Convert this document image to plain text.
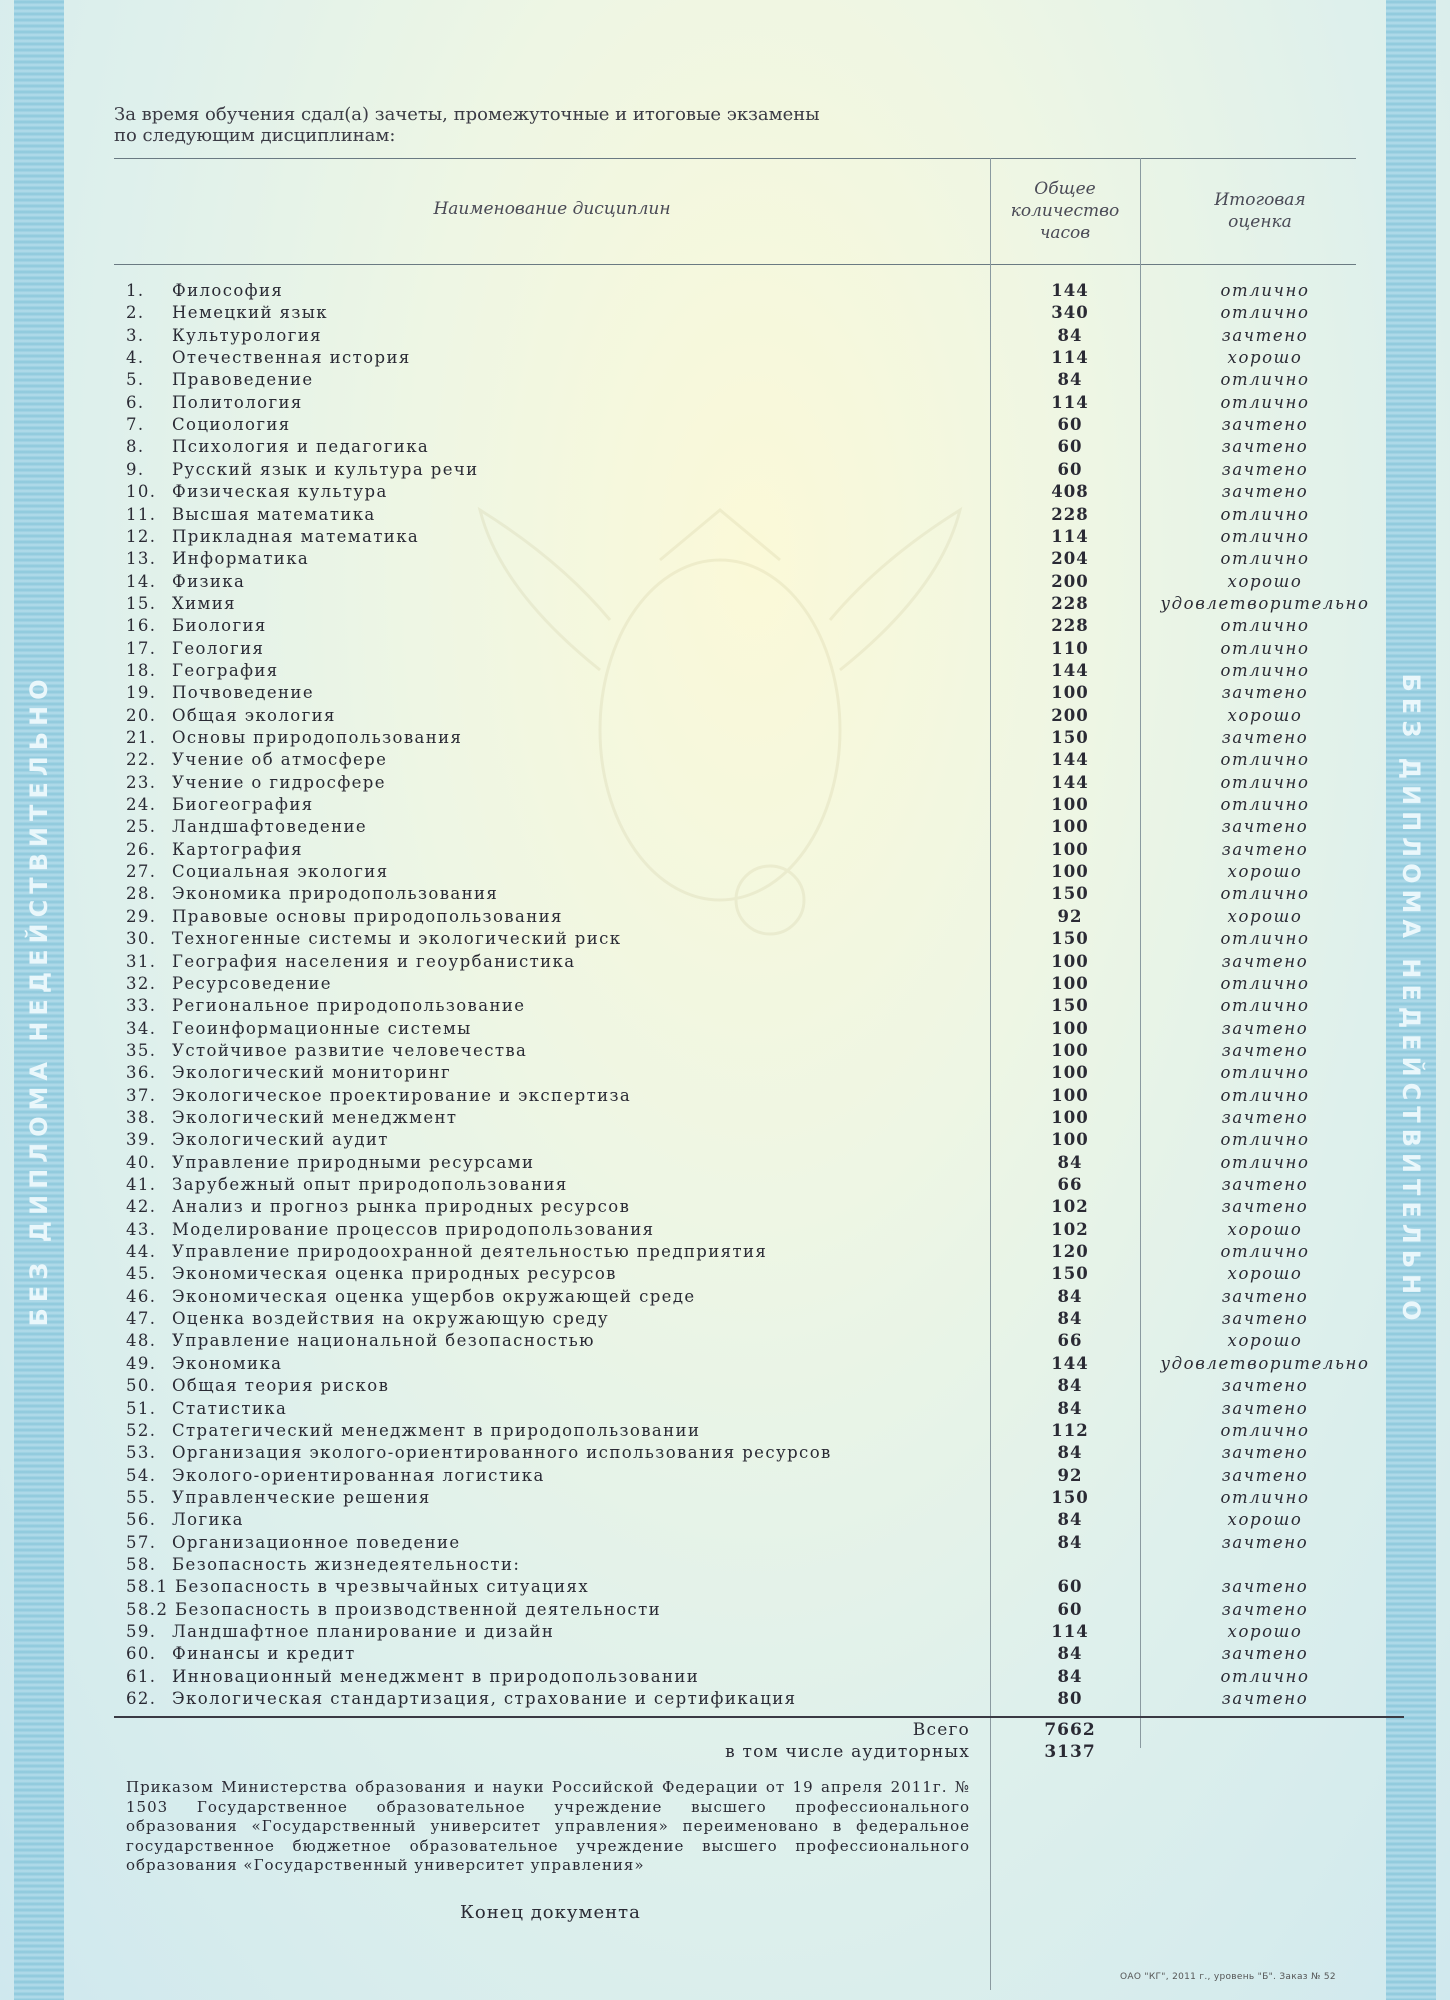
БЕЗ ДИПЛОМА НЕДЕЙСТВИТЕЛЬНО	БЕЗ ДИПЛОМА НЕДЕЙСТВИТЕЛЬНО
За время обучения сдал(а) зачеты, промежуточные и итоговые экзамены
по следующим дисциплинам:
Наименование дисциплин
Общее
количество
часов
Итоговая
оценка
1. Философия	144	отлично
2. Немецкий язык	340	отлично
3. Культурология	84	зачтено
4. Отечественная история	114	хорошо
5. Правоведение	84	отлично
6. Политология	114	отлично
7. Социология	60	зачтено
8. Психология и педагогика	60	зачтено
9. Русский язык и культура речи	60	зачтено
10. Физическая культура	408	зачтено
11. Высшая математика	228	отлично
12. Прикладная математика	114	отлично
13. Информатика	204	отлично
14. Физика	200	хорошо
15. Химия	228	удовлетворительно
16. Биология	228	отлично
17. Геология	110	отлично
18. География	144	отлично
19. Почвоведение	100	зачтено
20. Общая экология	200	хорошо
21. Основы природопользования	150	зачтено
22. Учение об атмосфере	144	отлично
23. Учение о гидросфере	144	отлично
24. Биогеография	100	отлично
25. Ландшафтоведение	100	зачтено
26. Картография	100	зачтено
27. Социальная экология	100	хорошо
28. Экономика природопользования	150	отлично
29. Правовые основы природопользования	92	хорошо
30. Техногенные системы и экологический риск	150	отлично
31. География населения и геоурбанистика	100	зачтено
32. Ресурсоведение	100	отлично
33. Региональное природопользование	150	отлично
34. Геоинформационные системы	100	зачтено
35. Устойчивое развитие человечества	100	зачтено
36. Экологический мониторинг	100	отлично
37. Экологическое проектирование и экспертиза	100	отлично
38. Экологический менеджмент	100	зачтено
39. Экологический аудит	100	отлично
40. Управление природными ресурсами	84	отлично
41. Зарубежный опыт природопользования	66	зачтено
42. Анализ и прогноз рынка природных ресурсов	102	зачтено
43. Моделирование процессов природопользования	102	хорошо
44. Управление природоохранной деятельностью предприятия	120	отлично
45. Экономическая оценка природных ресурсов	150	хорошо
46. Экономическая оценка ущербов окружающей среде	84	зачтено
47. Оценка воздействия на окружающую среду	84	зачтено
48. Управление национальной безопасностью	66	хорошо
49. Экономика	144	удовлетворительно
50. Общая теория рисков	84	зачтено
51. Статистика	84	зачтено
52. Стратегический менеджмент в природопользовании	112	отлично
53. Организация эколого-ориентированного использования ресурсов	84	зачтено
54. Эколого-ориентированная логистика	92	зачтено
55. Управленческие решения	150	отлично
56. Логика	84	хорошо
57. Организационное поведение	84	зачтено
58. Безопасность жизнедеятельности:
58.1 Безопасность в чрезвычайных ситуациях	60	зачтено
58.2 Безопасность в производственной деятельности	60	зачтено
59. Ландшафтное планирование и дизайн	114	хорошо
60. Финансы и кредит	84	зачтено
61. Инновационный менеджмент в природопользовании	84	отлично
62. Экологическая стандартизация, страхование и сертификация	80	зачтено
Всего	7662
в том числе аудиторных	3137
Приказом Министерства образования и науки Российской Федерации от 19 апреля 2011г. № 1503 Государственное образовательное учреждение высшего профессионального образования «Государственный университет управления» переименовано в федеральное государственное бюджетное образовательное учреждение высшего профессионального образования «Государственный университет управления»
Конец документа
ОАО "КГ", 2011 г., уровень "Б". Заказ № 52
